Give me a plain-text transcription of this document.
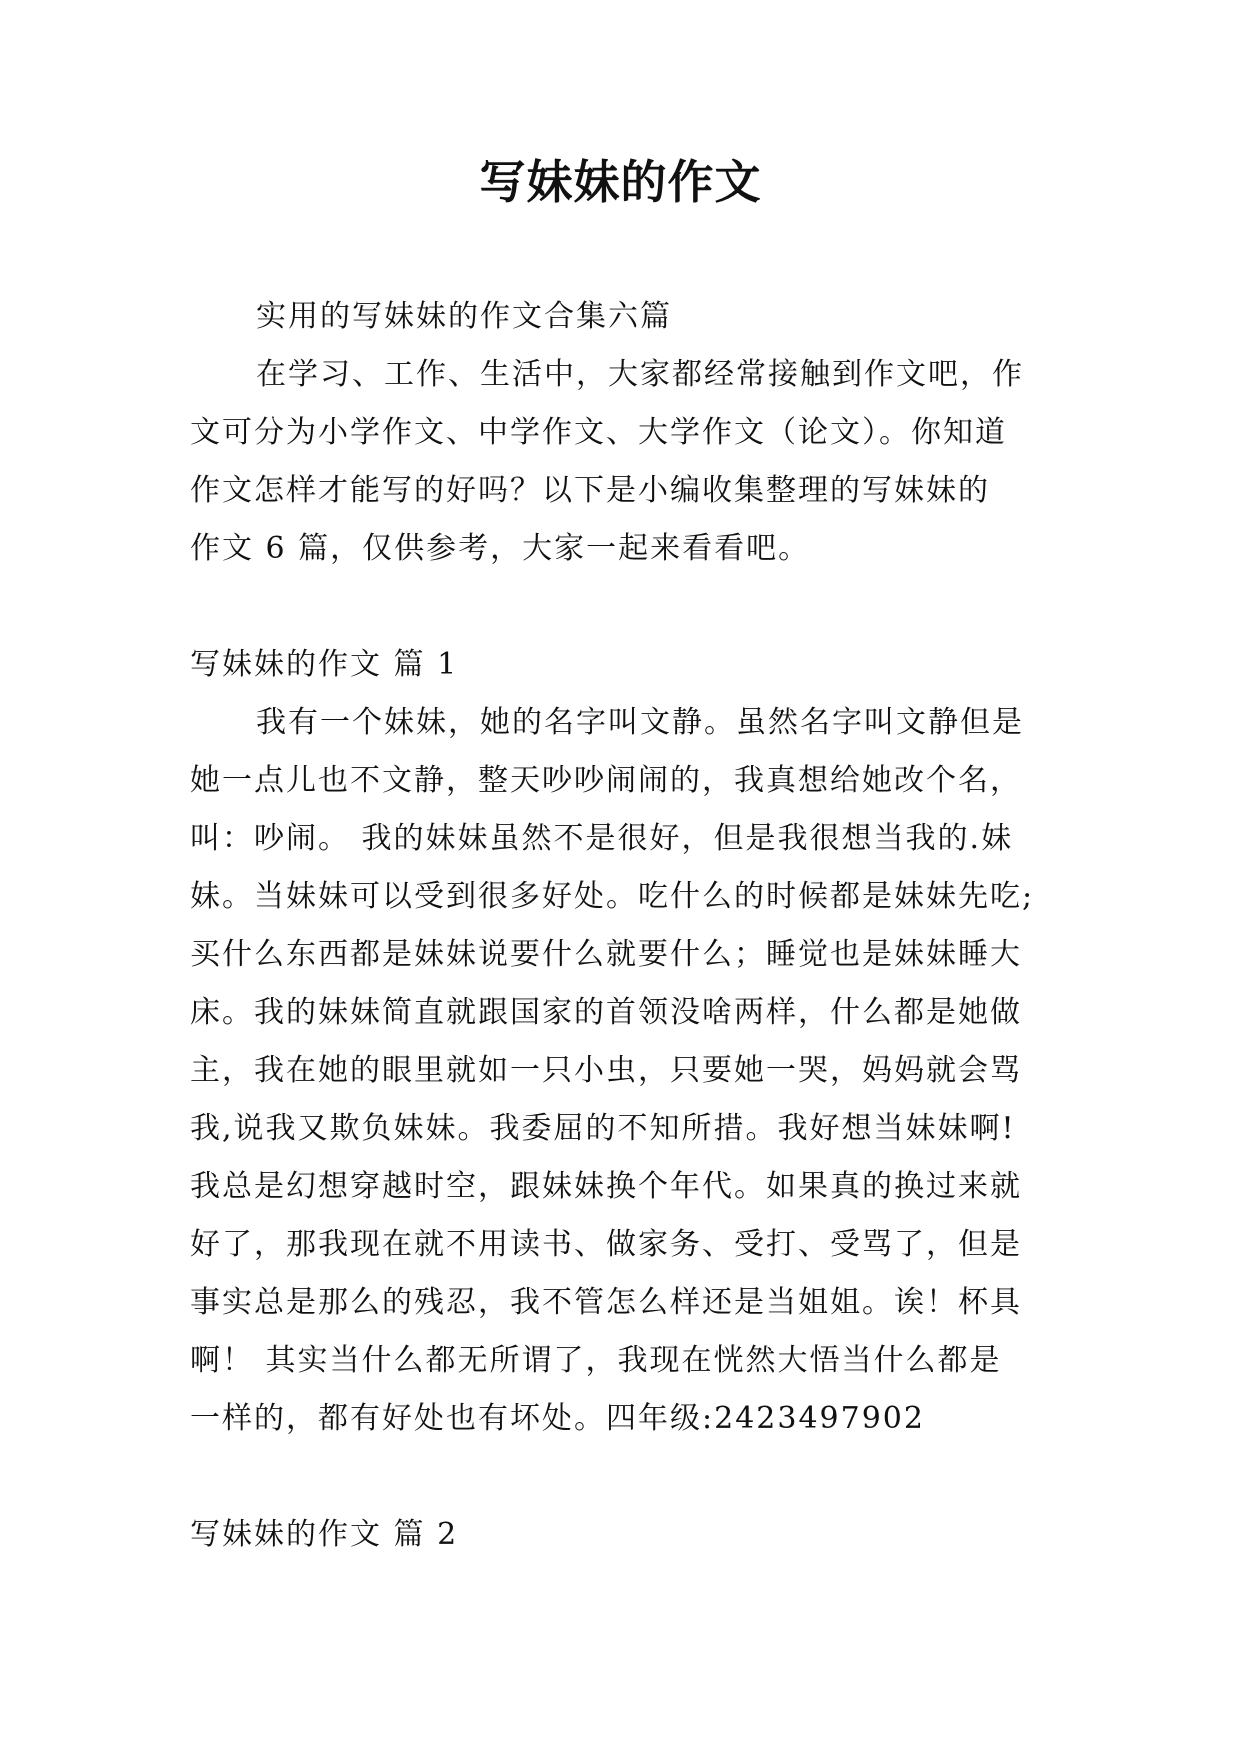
写妹妹的作文
实用的写妹妹的作文合集六篇
在学习、工作、生活中，大家都经常接触到作文吧，作
文可分为小学作文、中学作文、大学作文（论文）。你知道
作文怎样才能写的好吗？以下是小编收集整理的写妹妹的
作文 6 篇，仅供参考，大家一起来看看吧。
写妹妹的作文 篇 1
我有一个妹妹，她的名字叫文静。虽然名字叫文静但是
她一点儿也不文静，整天吵吵闹闹的，我真想给她改个名，
叫：吵闹。 我的妹妹虽然不是很好，但是我很想当我的.妹
妹。当妹妹可以受到很多好处。吃什么的时候都是妹妹先吃;
买什么东西都是妹妹说要什么就要什么；睡觉也是妹妹睡大
床。我的妹妹简直就跟国家的首领没啥两样，什么都是她做
主，我在她的眼里就如一只小虫，只要她一哭，妈妈就会骂
我,说我又欺负妹妹。我委屈的不知所措。我好想当妹妹啊!
我总是幻想穿越时空，跟妹妹换个年代。如果真的换过来就
好了，那我现在就不用读书、做家务、受打、受骂了，但是
事实总是那么的残忍，我不管怎么样还是当姐姐。诶！杯具
啊！ 其实当什么都无所谓了，我现在恍然大悟当什么都是
一样的，都有好处也有坏处。四年级:2423497902
写妹妹的作文 篇 2
